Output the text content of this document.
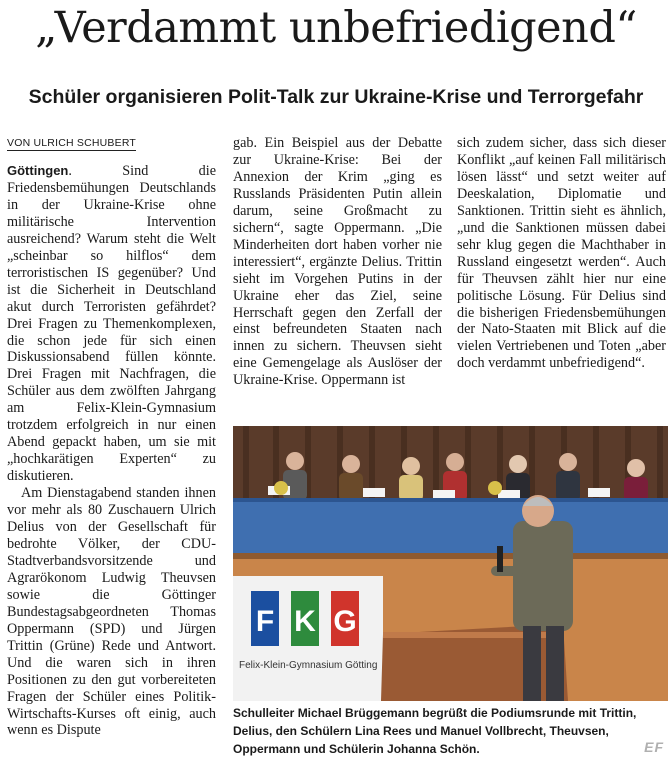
„Verdammt unbefriedigend“
Schüler organisieren Polit-Talk zur Ukraine-Krise und Terrorgefahr
VON ULRICH SCHUBERT

Göttingen. Sind die Friedensbemühungen Deutschlands in der Ukraine-Krise ohne militärische Intervention ausreichend? Warum steht die Welt „scheinbar so hilflos“ dem terroristischen IS gegenüber? Und ist die Sicherheit in Deutschland akut durch Terroristen gefährdet? Drei Fragen zu Themenkomplexen, die schon jede für sich einen Diskussionsabend füllen könnte. Drei Fragen mit Nachfragen, die Schüler aus dem zwölften Jahrgang am Felix-Klein-Gymnasium trotzdem erfolgreich in nur einen Abend gepackt haben, um sie mit „hochkarätigen Experten“ zu diskutieren.

Am Dienstagabend standen ihnen vor mehr als 80 Zuschauern Ulrich Delius von der Gesellschaft für bedrohte Völker, der CDU-Stadtverbandsvorsitzende und Agrarökonom Ludwig Theuvsen sowie die Göttinger Bundestagsabgeordneten Thomas Oppermann (SPD) und Jürgen Trittin (Grüne) Rede und Antwort. Und die waren sich in ihren Positionen zu den gut vorbereiteten Fragen der Schüler eines Politik-Wirtschafts-Kurses oft einig, auch wenn es Dispute

gab. Ein Beispiel aus der Debatte zur Ukraine-Krise: Bei der Annexion der Krim „ging es Russlands Präsidenten Putin allein darum, seine Großmacht zu sichern“, sagte Oppermann. „Die Minderheiten dort haben vorher nie interessiert“, ergänzte Delius. Trittin sieht im Vorgehen Putins in der Ukraine eher das Ziel, seine Herrschaft gegen den Zerfall der einst befreundeten Staaten nach innen zu sichern. Theuvsen sieht eine Gemengelage als Auslöser der Ukraine-Krise. Oppermann ist

sich zudem sicher, dass sich dieser Konflikt „auf keinen Fall militärisch lösen lässt“ und setzt weiter auf Deeskalation, Diplomatie und Sanktionen. Trittin sieht es ähnlich, „und die Sanktionen müssen dabei sehr klug gegen die Machthaber in Russland eingesetzt werden“. Auch für Theuvsen zählt hier nur eine politische Lösung. Für Delius sind die bisherigen Friedensbemühungen der Nato-Staaten mit Blick auf die vielen Vertriebenen und Toten „aber doch verdammt unbefriedigend“.

F K G
Felix-Klein-Gymnasium Götting

Schulleiter Michael Brüggemann begrüßt die Podiumsrunde mit Trittin, Delius, den Schülern Lina Rees und Manuel Vollbrecht, Theuvsen, Oppermann und Schülerin Johanna Schön.	EF
